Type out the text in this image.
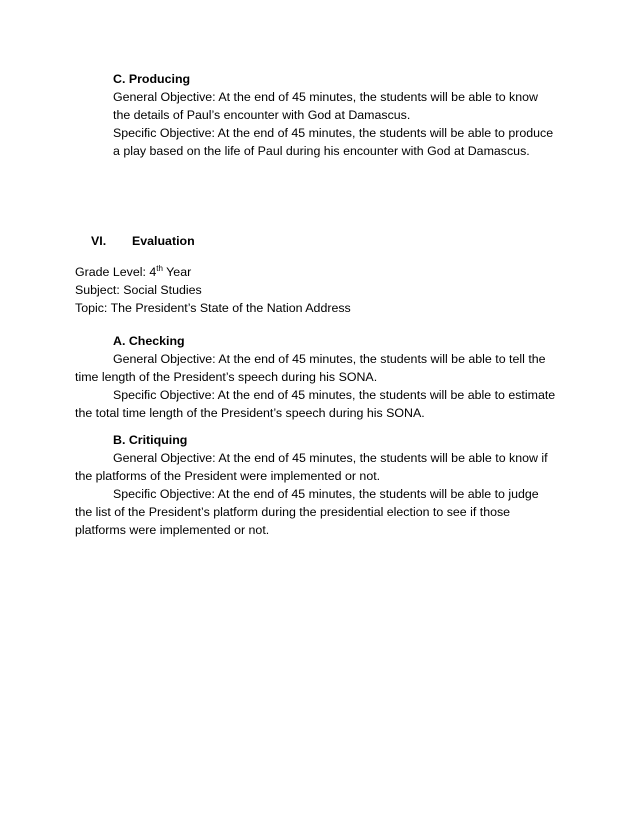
C. Producing
General Objective: At the end of 45 minutes, the students will be able to know
the details of Paul’s encounter with God at Damascus.
Specific Objective: At the end of 45 minutes, the students will be able to produce
a play based on the life of Paul during his encounter with God at Damascus.
VI. Evaluation
Grade Level: 4th Year
Subject: Social Studies
Topic: The President’s State of the Nation Address
A. Checking
General Objective: At the end of 45 minutes, the students will be able to tell the
time length of the President’s speech during his SONA.
Specific Objective: At the end of 45 minutes, the students will be able to estimate
the total time length of the President’s speech during his SONA.
B. Critiquing
General Objective: At the end of 45 minutes, the students will be able to know if
the platforms of the President were implemented or not.
Specific Objective: At the end of 45 minutes, the students will be able to judge
the list of the President’s platform during the presidential election to see if those
platforms were implemented or not.
